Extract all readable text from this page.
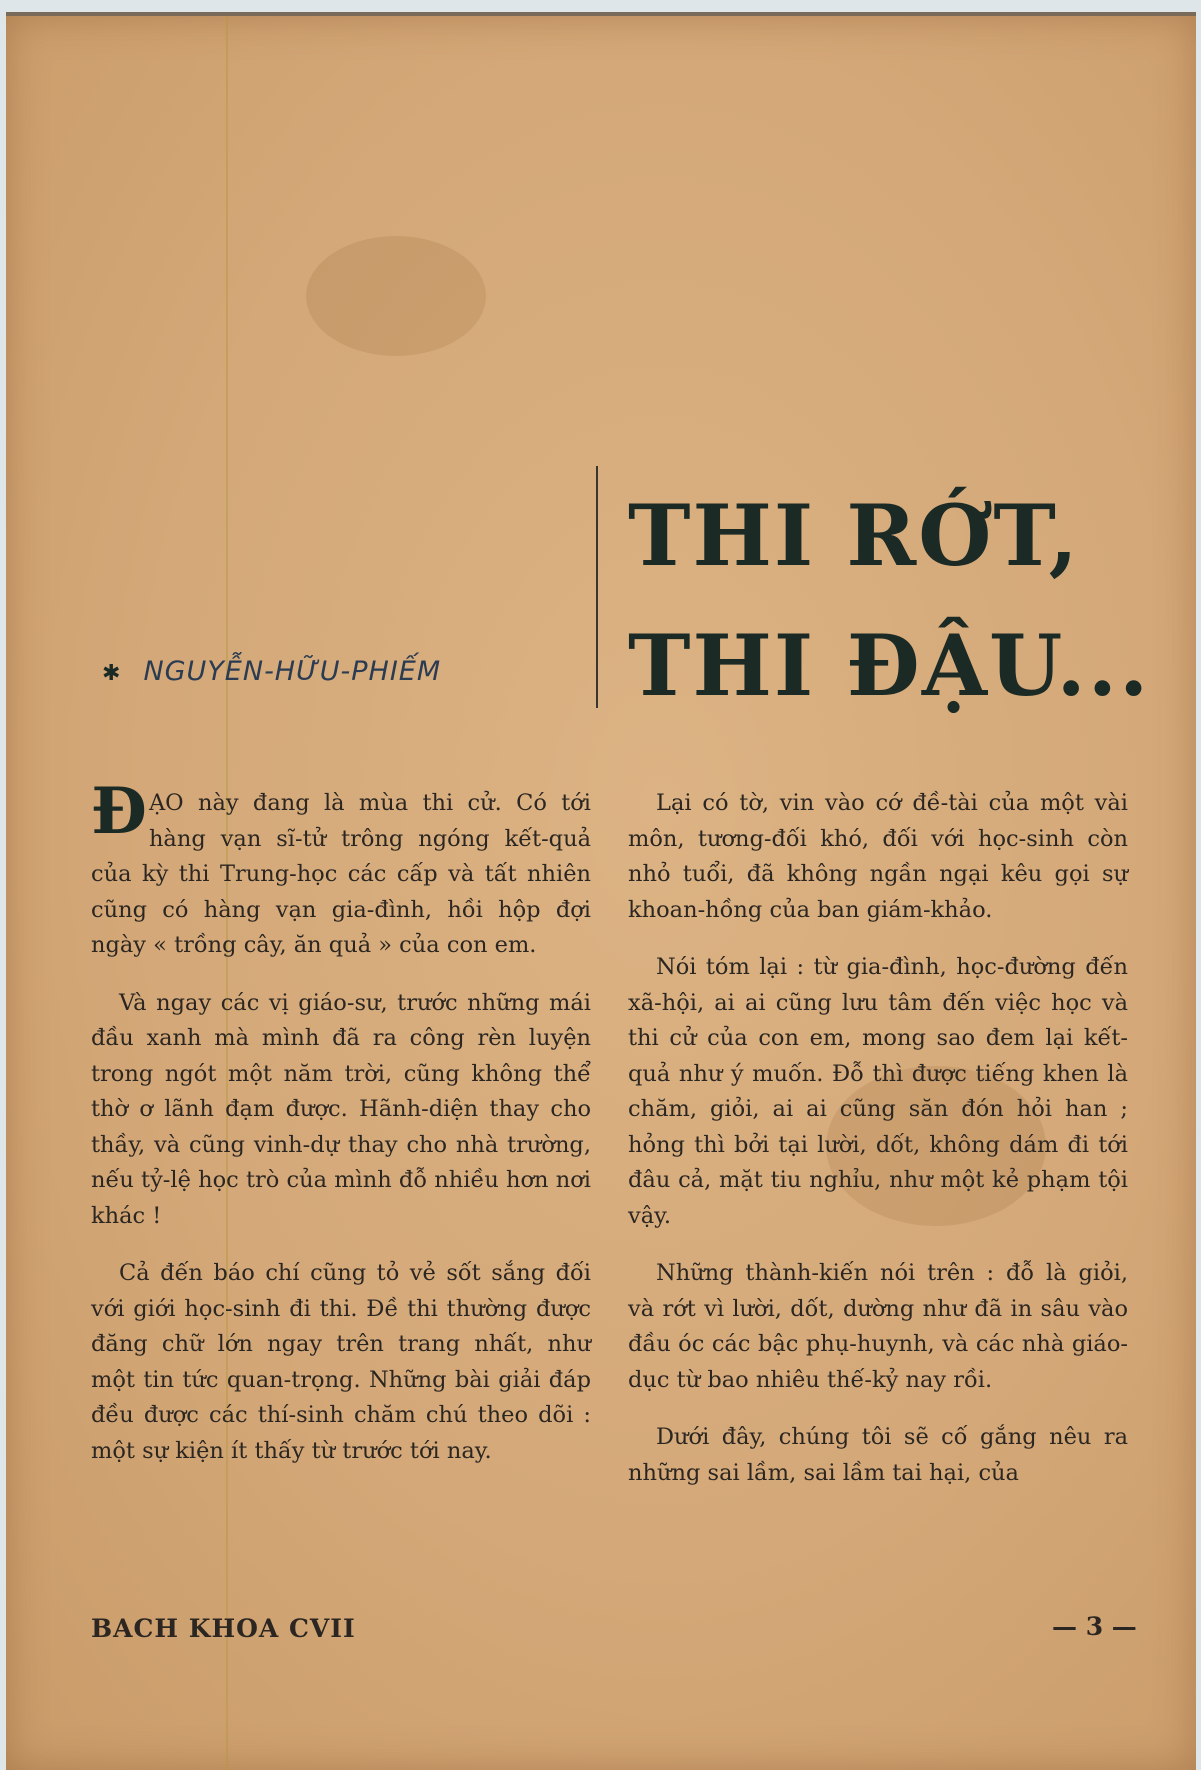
THI RỚT,
THI ĐẬU...
✱ NGUYỄN-HỮU-PHIẾM

ĐẠO này đang là mùa thi cử. Có tới hàng vạn sĩ-tử trông ngóng kết-quả của kỳ thi Trung-học các cấp và tất nhiên cũng có hàng vạn gia-đình, hồi hộp đợi ngày « trồng cây, ăn quả » của con em.

Và ngay các vị giáo-sư, trước những mái đầu xanh mà mình đã ra công rèn luyện trong ngót một năm trời, cũng không thể thờ ơ lãnh đạm được. Hãnh-diện thay cho thầy, và cũng vinh-dự thay cho nhà trường, nếu tỷ-lệ học trò của mình đỗ nhiều hơn nơi khác !

Cả đến báo chí cũng tỏ vẻ sốt sắng đối với giới học-sinh đi thi. Đề thi thường được đăng chữ lớn ngay trên trang nhất, như một tin tức quan-trọng. Những bài giải đáp đều được các thí-sinh chăm chú theo dõi : một sự kiện ít thấy từ trước tới nay.

Lại có tờ, vin vào cớ đề-tài của một vài môn, tương-đối khó, đối với học-sinh còn nhỏ tuổi, đã không ngần ngại kêu gọi sự khoan-hồng của ban giám-khảo.

Nói tóm lại : từ gia-đình, học-đường đến xã-hội, ai ai cũng lưu tâm đến việc học và thi cử của con em, mong sao đem lại kết-quả như ý muốn. Đỗ thì được tiếng khen là chăm, giỏi, ai ai cũng săn đón hỏi han ; hỏng thì bởi tại lười, dốt, không dám đi tới đâu cả, mặt tiu nghỉu, như một kẻ phạm tội vậy.

Những thành-kiến nói trên : đỗ là giỏi, và rớt vì lười, dốt, dường như đã in sâu vào đầu óc các bậc phụ-huynh, và các nhà giáo-dục từ bao nhiêu thế-kỷ nay rồi.

Dưới đây, chúng tôi sẽ cố gắng nêu ra những sai lầm, sai lầm tai hại, của

BACH KHOA CVII	— 3 —
